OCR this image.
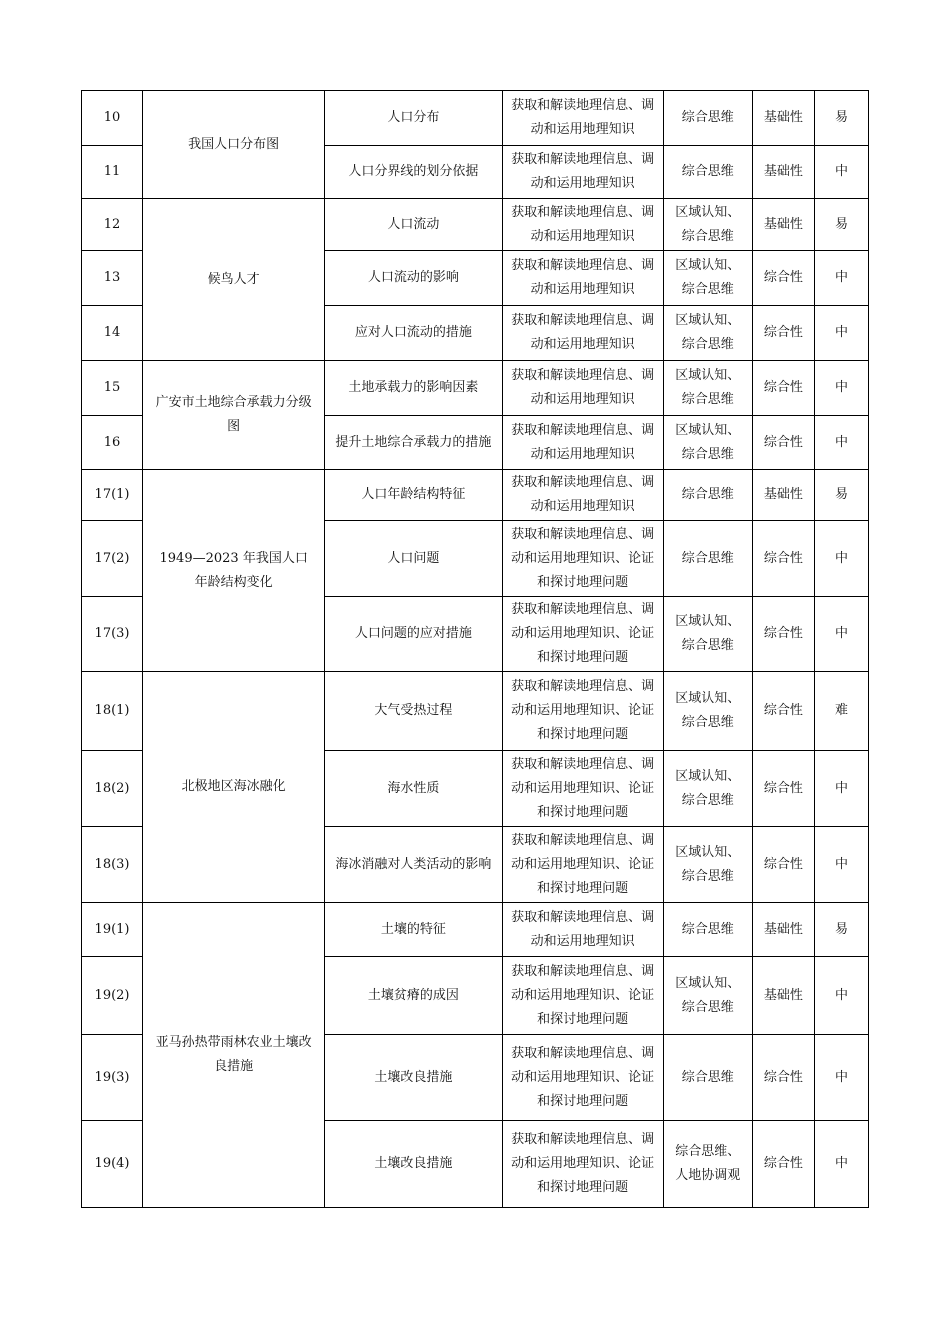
10	我国人口分布图	人口分布	获取和解读地理信息、调动和运用地理知识	综合思维	基础性	易
11		人口分界线的划分依据	获取和解读地理信息、调动和运用地理知识	综合思维	基础性	中
12	候鸟人才	人口流动	获取和解读地理信息、调动和运用地理知识	区域认知、综合思维	基础性	易
13		人口流动的影响	获取和解读地理信息、调动和运用地理知识	区域认知、综合思维	综合性	中
14		应对人口流动的措施	获取和解读地理信息、调动和运用地理知识	区域认知、综合思维	综合性	中
15	广安市土地综合承载力分级图	土地承载力的影响因素	获取和解读地理信息、调动和运用地理知识	区域认知、综合思维	综合性	中
16		提升土地综合承载力的措施	获取和解读地理信息、调动和运用地理知识	区域认知、综合思维	综合性	中
17(1)	1949—2023 年我国人口年龄结构变化	人口年龄结构特征	获取和解读地理信息、调动和运用地理知识	综合思维	基础性	易
17(2)		人口问题	获取和解读地理信息、调动和运用地理知识、论证和探讨地理问题	综合思维	综合性	中
17(3)		人口问题的应对措施	获取和解读地理信息、调动和运用地理知识、论证和探讨地理问题	区域认知、综合思维	综合性	中
18(1)	北极地区海冰融化	大气受热过程	获取和解读地理信息、调动和运用地理知识、论证和探讨地理问题	区域认知、综合思维	综合性	难
18(2)		海水性质	获取和解读地理信息、调动和运用地理知识、论证和探讨地理问题	区域认知、综合思维	综合性	中
18(3)		海冰消融对人类活动的影响	获取和解读地理信息、调动和运用地理知识、论证和探讨地理问题	区域认知、综合思维	综合性	中
19(1)	亚马孙热带雨林农业土壤改良措施	土壤的特征	获取和解读地理信息、调动和运用地理知识	综合思维	基础性	易
19(2)		土壤贫瘠的成因	获取和解读地理信息、调动和运用地理知识、论证和探讨地理问题	区域认知、综合思维	基础性	中
19(3)		土壤改良措施	获取和解读地理信息、调动和运用地理知识、论证和探讨地理问题	综合思维	综合性	中
19(4)		土壤改良措施	获取和解读地理信息、调动和运用地理知识、论证和探讨地理问题	综合思维、人地协调观	综合性	中
